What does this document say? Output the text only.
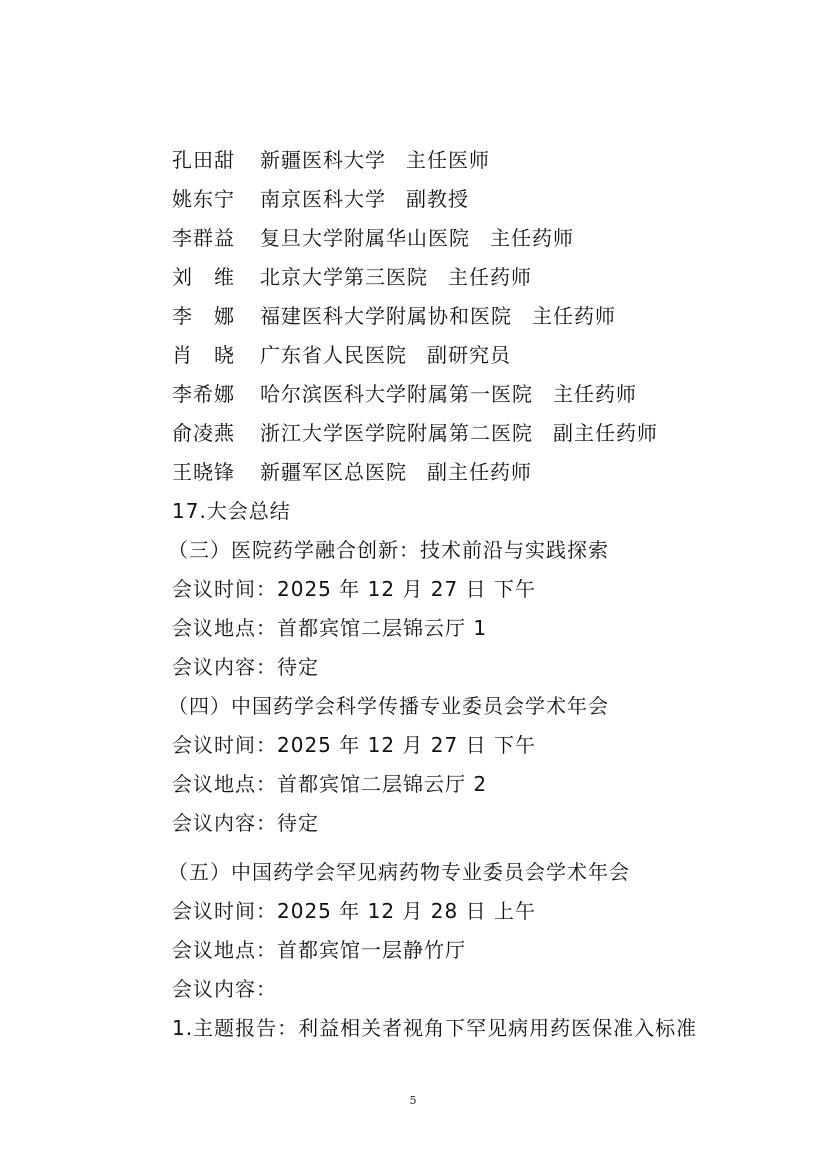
孔田甜 新疆医科大学 主任医师
姚东宁 南京医科大学 副教授
李群益 复旦大学附属华山医院 主任药师
刘　维 北京大学第三医院 主任药师
李　娜 福建医科大学附属协和医院 主任药师
肖　晓 广东省人民医院 副研究员
李希娜 哈尔滨医科大学附属第一医院 主任药师
俞凌燕 浙江大学医学院附属第二医院 副主任药师
王晓锋 新疆军区总医院 副主任药师
17.大会总结
（三）医院药学融合创新：技术前沿与实践探索
会议时间：2025 年 12 月 27 日 下午
会议地点：首都宾馆二层锦云厅 1
会议内容：待定
（四）中国药学会科学传播专业委员会学术年会
会议时间：2025 年 12 月 27 日 下午
会议地点：首都宾馆二层锦云厅 2
会议内容：待定
（五）中国药学会罕见病药物专业委员会学术年会
会议时间：2025 年 12 月 28 日 上午
会议地点：首都宾馆一层静竹厅
会议内容：
1.主题报告：利益相关者视角下罕见病用药医保准入标准
5
